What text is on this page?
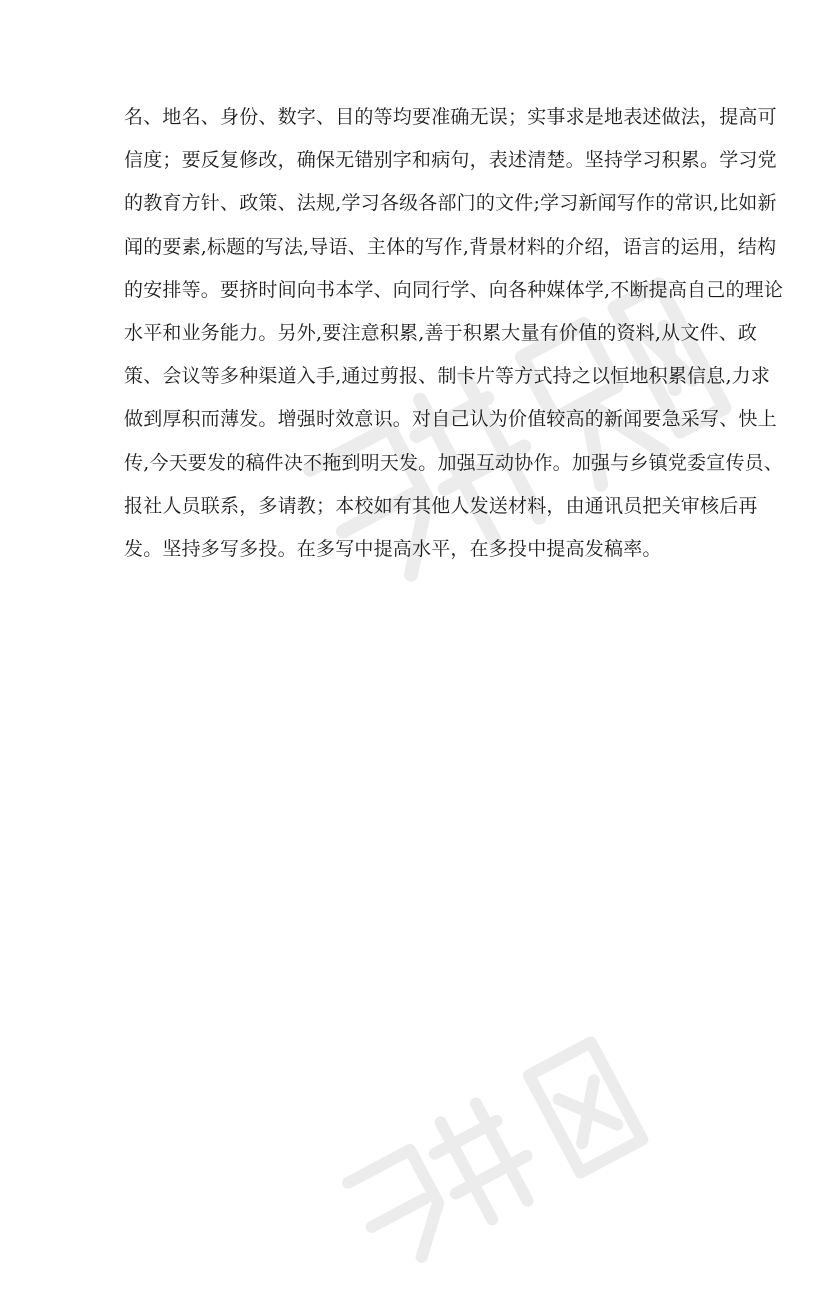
名、地名、身份、数字、目的等均要准确无误；实事求是地表述做法，提高可
信度；要反复修改，确保无错别字和病句，表述清楚。坚持学习积累。学习党
的教育方针、政策、法规,学习各级各部门的文件;学习新闻写作的常识,比如新
闻的要素,标题的写法,导语、主体的写作,背景材料的介绍，语言的运用，结构
的安排等。要挤时间向书本学、向同行学、向各种媒体学,不断提高自己的理论
水平和业务能力。另外,要注意积累,善于积累大量有价值的资料,从文件、政
策、会议等多种渠道入手,通过剪报、制卡片等方式持之以恒地积累信息,力求
做到厚积而薄发。增强时效意识。对自己认为价值较高的新闻要急采写、快上
传,今天要发的稿件决不拖到明天发。加强互动协作。加强与乡镇党委宣传员、
报社人员联系，多请教；本校如有其他人发送材料，由通讯员把关审核后再
发。坚持多写多投。在多写中提高水平，在多投中提高发稿率。
